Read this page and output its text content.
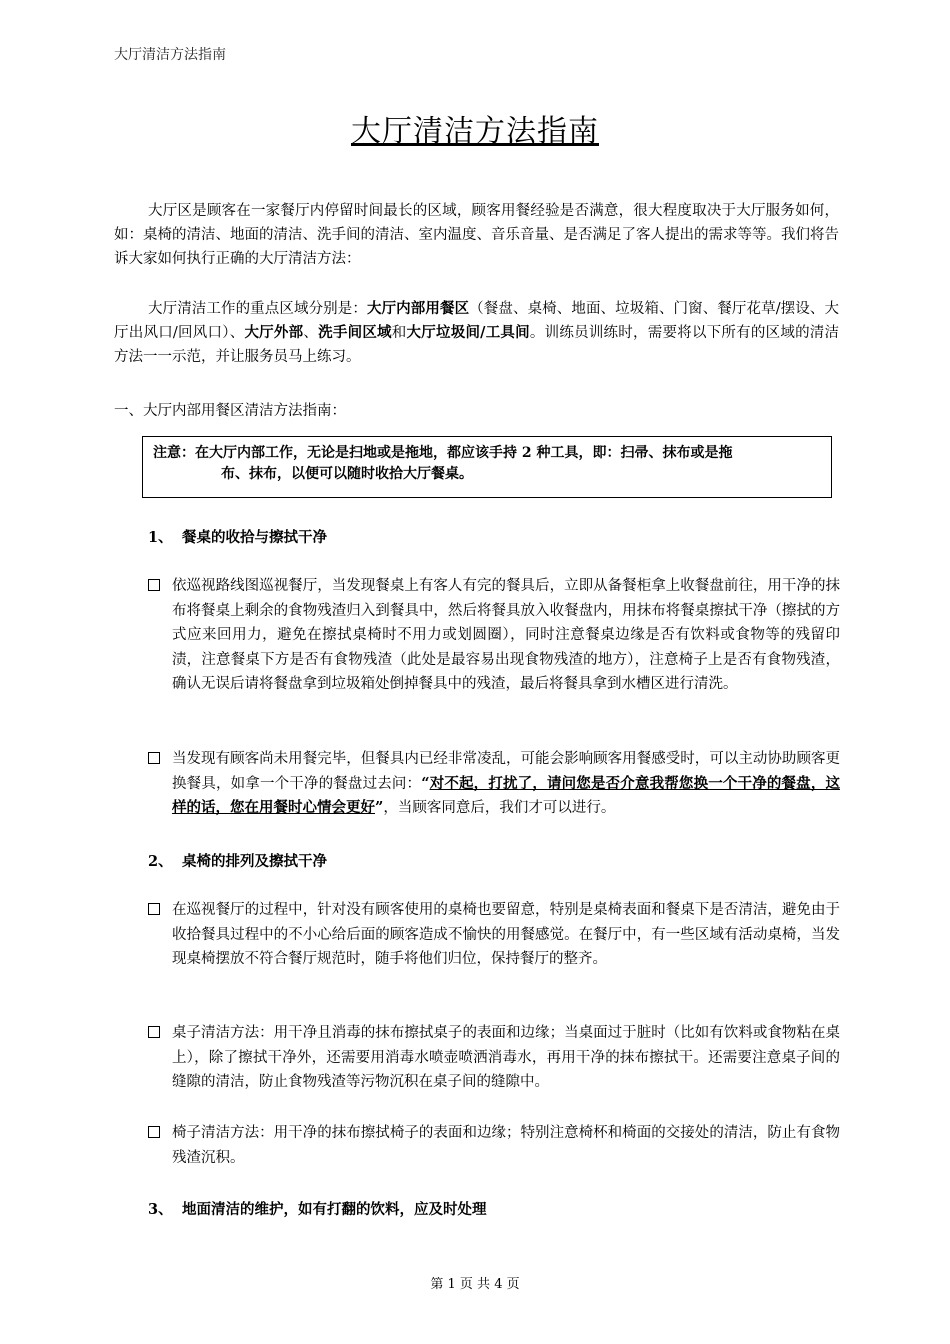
大厅清洁方法指南
大厅清洁方法指南
大厅区是顾客在一家餐厅内停留时间最长的区域，顾客用餐经验是否满意，很大程度取决于大厅服务如何，如：桌椅的清洁、地面的清洁、洗手间的清洁、室内温度、音乐音量、是否满足了客人提出的需求等等。我们将告诉大家如何执行正确的大厅清洁方法：
大厅清洁工作的重点区域分别是：大厅内部用餐区（餐盘、桌椅、地面、垃圾箱、门窗、餐厅花草/摆设、大厅出风口/回风口）、大厅外部、洗手间区域和大厅垃圾间/工具间。训练员训练时，需要将以下所有的区域的清洁方法一一示范，并让服务员马上练习。
一、大厅内部用餐区清洁方法指南：
注意：在大厅内部工作，无论是扫地或是拖地，都应该手持 2 种工具，即：扫帚、抹布或是拖
布、抹布，以便可以随时收拾大厅餐桌。
1、 餐桌的收拾与擦拭干净
依巡视路线图巡视餐厅，当发现餐桌上有客人有完的餐具后，立即从备餐柜拿上收餐盘前往，用干净的抹布将餐桌上剩余的食物残渣归入到餐具中，然后将餐具放入收餐盘内，用抹布将餐桌擦拭干净（擦拭的方式应来回用力，避免在擦拭桌椅时不用力或划圆圈），同时注意餐桌边缘是否有饮料或食物等的残留印渍，注意餐桌下方是否有食物残渣（此处是最容易出现食物残渣的地方），注意椅子上是否有食物残渣，确认无误后请将餐盘拿到垃圾箱处倒掉餐具中的残渣，最后将餐具拿到水槽区进行清洗。
当发现有顾客尚未用餐完毕，但餐具内已经非常凌乱，可能会影响顾客用餐感受时，可以主动协助顾客更换餐具，如拿一个干净的餐盘过去问：“对不起，打扰了，请问您是否介意我帮您换一个干净的餐盘，这样的话，您在用餐时心情会更好”，当顾客同意后，我们才可以进行。
2、 桌椅的排列及擦拭干净
在巡视餐厅的过程中，针对没有顾客使用的桌椅也要留意，特别是桌椅表面和餐桌下是否清洁，避免由于收拾餐具过程中的不小心给后面的顾客造成不愉快的用餐感觉。在餐厅中，有一些区域有活动桌椅，当发现桌椅摆放不符合餐厅规范时，随手将他们归位，保持餐厅的整齐。
桌子清洁方法：用干净且消毒的抹布擦拭桌子的表面和边缘；当桌面过于脏时（比如有饮料或食物粘在桌上），除了擦拭干净外，还需要用消毒水喷壶喷洒消毒水，再用干净的抹布擦拭干。还需要注意桌子间的缝隙的清洁，防止食物残渣等污物沉积在桌子间的缝隙中。
椅子清洁方法：用干净的抹布擦拭椅子的表面和边缘；特别注意椅杯和椅面的交接处的清洁，防止有食物残渣沉积。
3、 地面清洁的维护，如有打翻的饮料，应及时处理
第 1 页 共 4 页
